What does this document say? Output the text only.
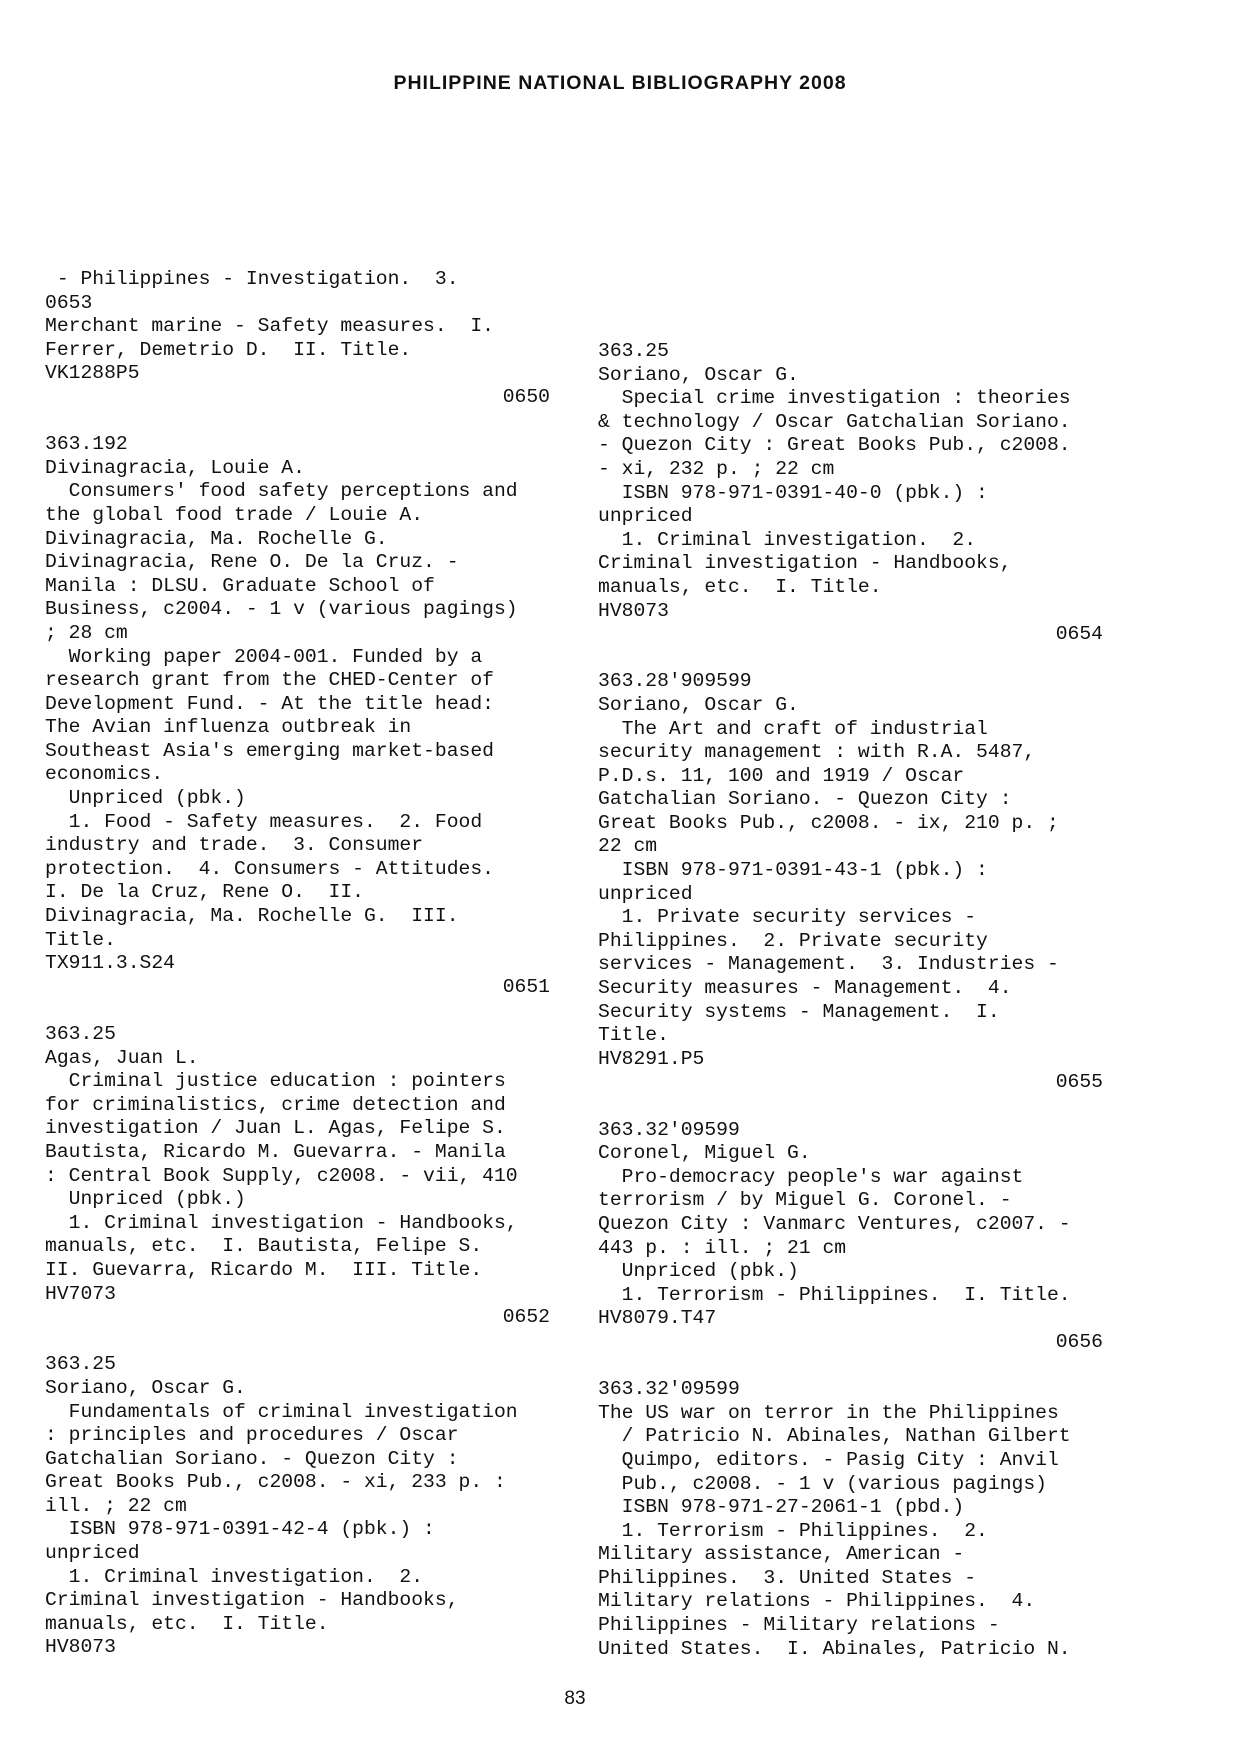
PHILIPPINE NATIONAL BIBLIOGRAPHY 2008
- Philippines - Investigation.  3.
0653
Merchant marine - Safety measures.  I.
Ferrer, Demetrio D.  II. Title.
VK1288P5
0650
363.192
Divinagracia, Louie A.
Consumers' food safety perceptions and
the global food trade / Louie A.
Divinagracia, Ma. Rochelle G.
Divinagracia, Rene O. De la Cruz. -
Manila : DLSU. Graduate School of
Business, c2004. - 1 v (various pagings)
; 28 cm
Working paper 2004-001. Funded by a
research grant from the CHED-Center of
Development Fund. - At the title head:
The Avian influenza outbreak in
Southeast Asia's emerging market-based
economics.
Unpriced (pbk.)
1. Food - Safety measures.  2. Food
industry and trade.  3. Consumer
protection.  4. Consumers - Attitudes.
I. De la Cruz, Rene O.  II.
Divinagracia, Ma. Rochelle G.  III.
Title.
TX911.3.S24
0651
363.25
Agas, Juan L.
Criminal justice education : pointers
for criminalistics, crime detection and
investigation / Juan L. Agas, Felipe S.
Bautista, Ricardo M. Guevarra. - Manila
: Central Book Supply, c2008. - vii, 410
Unpriced (pbk.)
1. Criminal investigation - Handbooks,
manuals, etc.  I. Bautista, Felipe S.
II. Guevarra, Ricardo M.  III. Title.
HV7073
0652
363.25
Soriano, Oscar G.
Fundamentals of criminal investigation
: principles and procedures / Oscar
Gatchalian Soriano. - Quezon City :
Great Books Pub., c2008. - xi, 233 p. :
ill. ; 22 cm
ISBN 978-971-0391-42-4 (pbk.) :
unpriced
1. Criminal investigation.  2.
Criminal investigation - Handbooks,
manuals, etc.  I. Title.
HV8073
363.25
Soriano, Oscar G.
Special crime investigation : theories
& technology / Oscar Gatchalian Soriano.
- Quezon City : Great Books Pub., c2008.
- xi, 232 p. ; 22 cm
ISBN 978-971-0391-40-0 (pbk.) :
unpriced
1. Criminal investigation.  2.
Criminal investigation - Handbooks,
manuals, etc.  I. Title.
HV8073
0654
363.28'909599
Soriano, Oscar G.
The Art and craft of industrial
security management : with R.A. 5487,
P.D.s. 11, 100 and 1919 / Oscar
Gatchalian Soriano. - Quezon City :
Great Books Pub., c2008. - ix, 210 p. ;
22 cm
ISBN 978-971-0391-43-1 (pbk.) :
unpriced
1. Private security services -
Philippines.  2. Private security
services - Management.  3. Industries -
Security measures - Management.  4.
Security systems - Management.  I.
Title.
HV8291.P5
0655
363.32'09599
Coronel, Miguel G.
Pro-democracy people's war against
terrorism / by Miguel G. Coronel. -
Quezon City : Vanmarc Ventures, c2007. -
443 p. : ill. ; 21 cm
Unpriced (pbk.)
1. Terrorism - Philippines.  I. Title.
HV8079.T47
0656
363.32'09599
The US war on terror in the Philippines
/ Patricio N. Abinales, Nathan Gilbert
Quimpo, editors. - Pasig City : Anvil
Pub., c2008. - 1 v (various pagings)
ISBN 978-971-27-2061-1 (pbd.)
1. Terrorism - Philippines.  2.
Military assistance, American -
Philippines.  3. United States -
Military relations - Philippines.  4.
Philippines - Military relations -
United States.  I. Abinales, Patricio N.
83
